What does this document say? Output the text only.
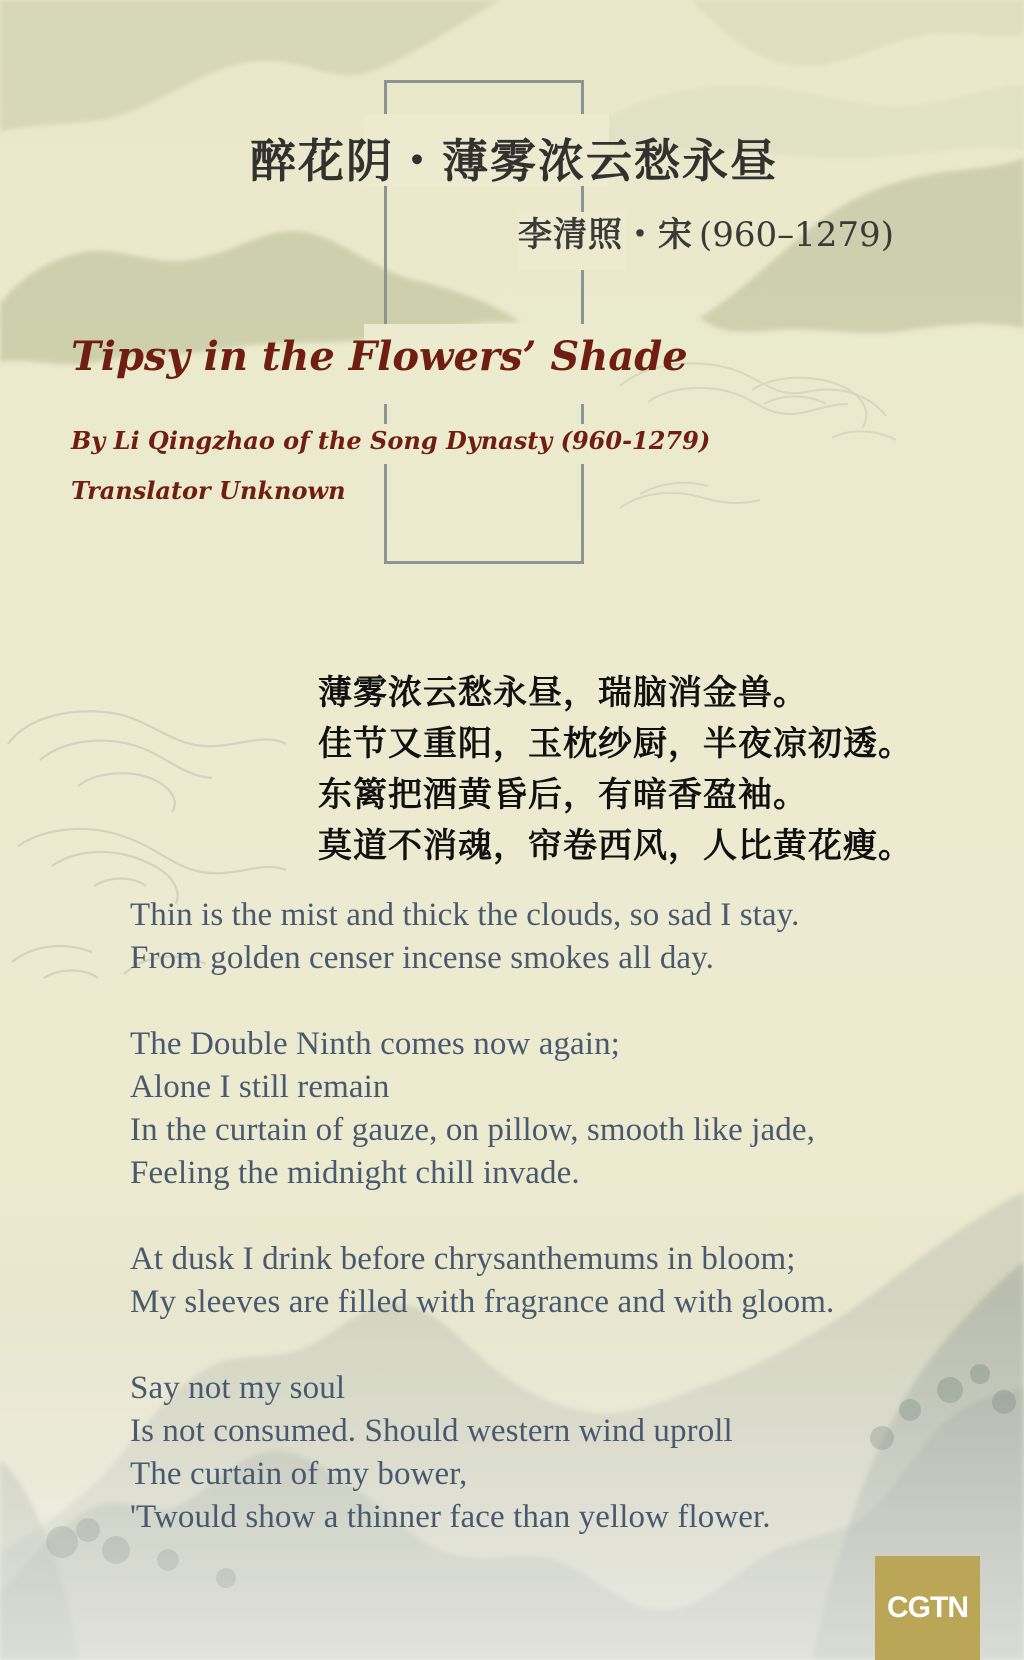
醉花阴・薄雾浓云愁永昼

李清照・宋 (960–1279)

Tipsy in the Flowers’ Shade

By Li Qingzhao of the Song Dynasty (960-1279)

Translator Unknown

薄雾浓云愁永昼，瑞脑消金兽。
佳节又重阳，玉枕纱厨，半夜凉初透。
东篱把酒黄昏后，有暗香盈袖。
莫道不消魂，帘卷西风，人比黄花瘦。

Thin is the mist and thick the clouds, so sad I stay.

From golden censer incense smokes all day.

The Double Ninth comes now again;

Alone I still remain

In the curtain of gauze, on pillow, smooth like jade,

Feeling the midnight chill invade.

At dusk I drink before chrysanthemums in bloom;

My sleeves are filled with fragrance and with gloom.

Say not my soul

Is not consumed. Should western wind uproll

The curtain of my bower,

'Twould show a thinner face than yellow flower.

CGTN
